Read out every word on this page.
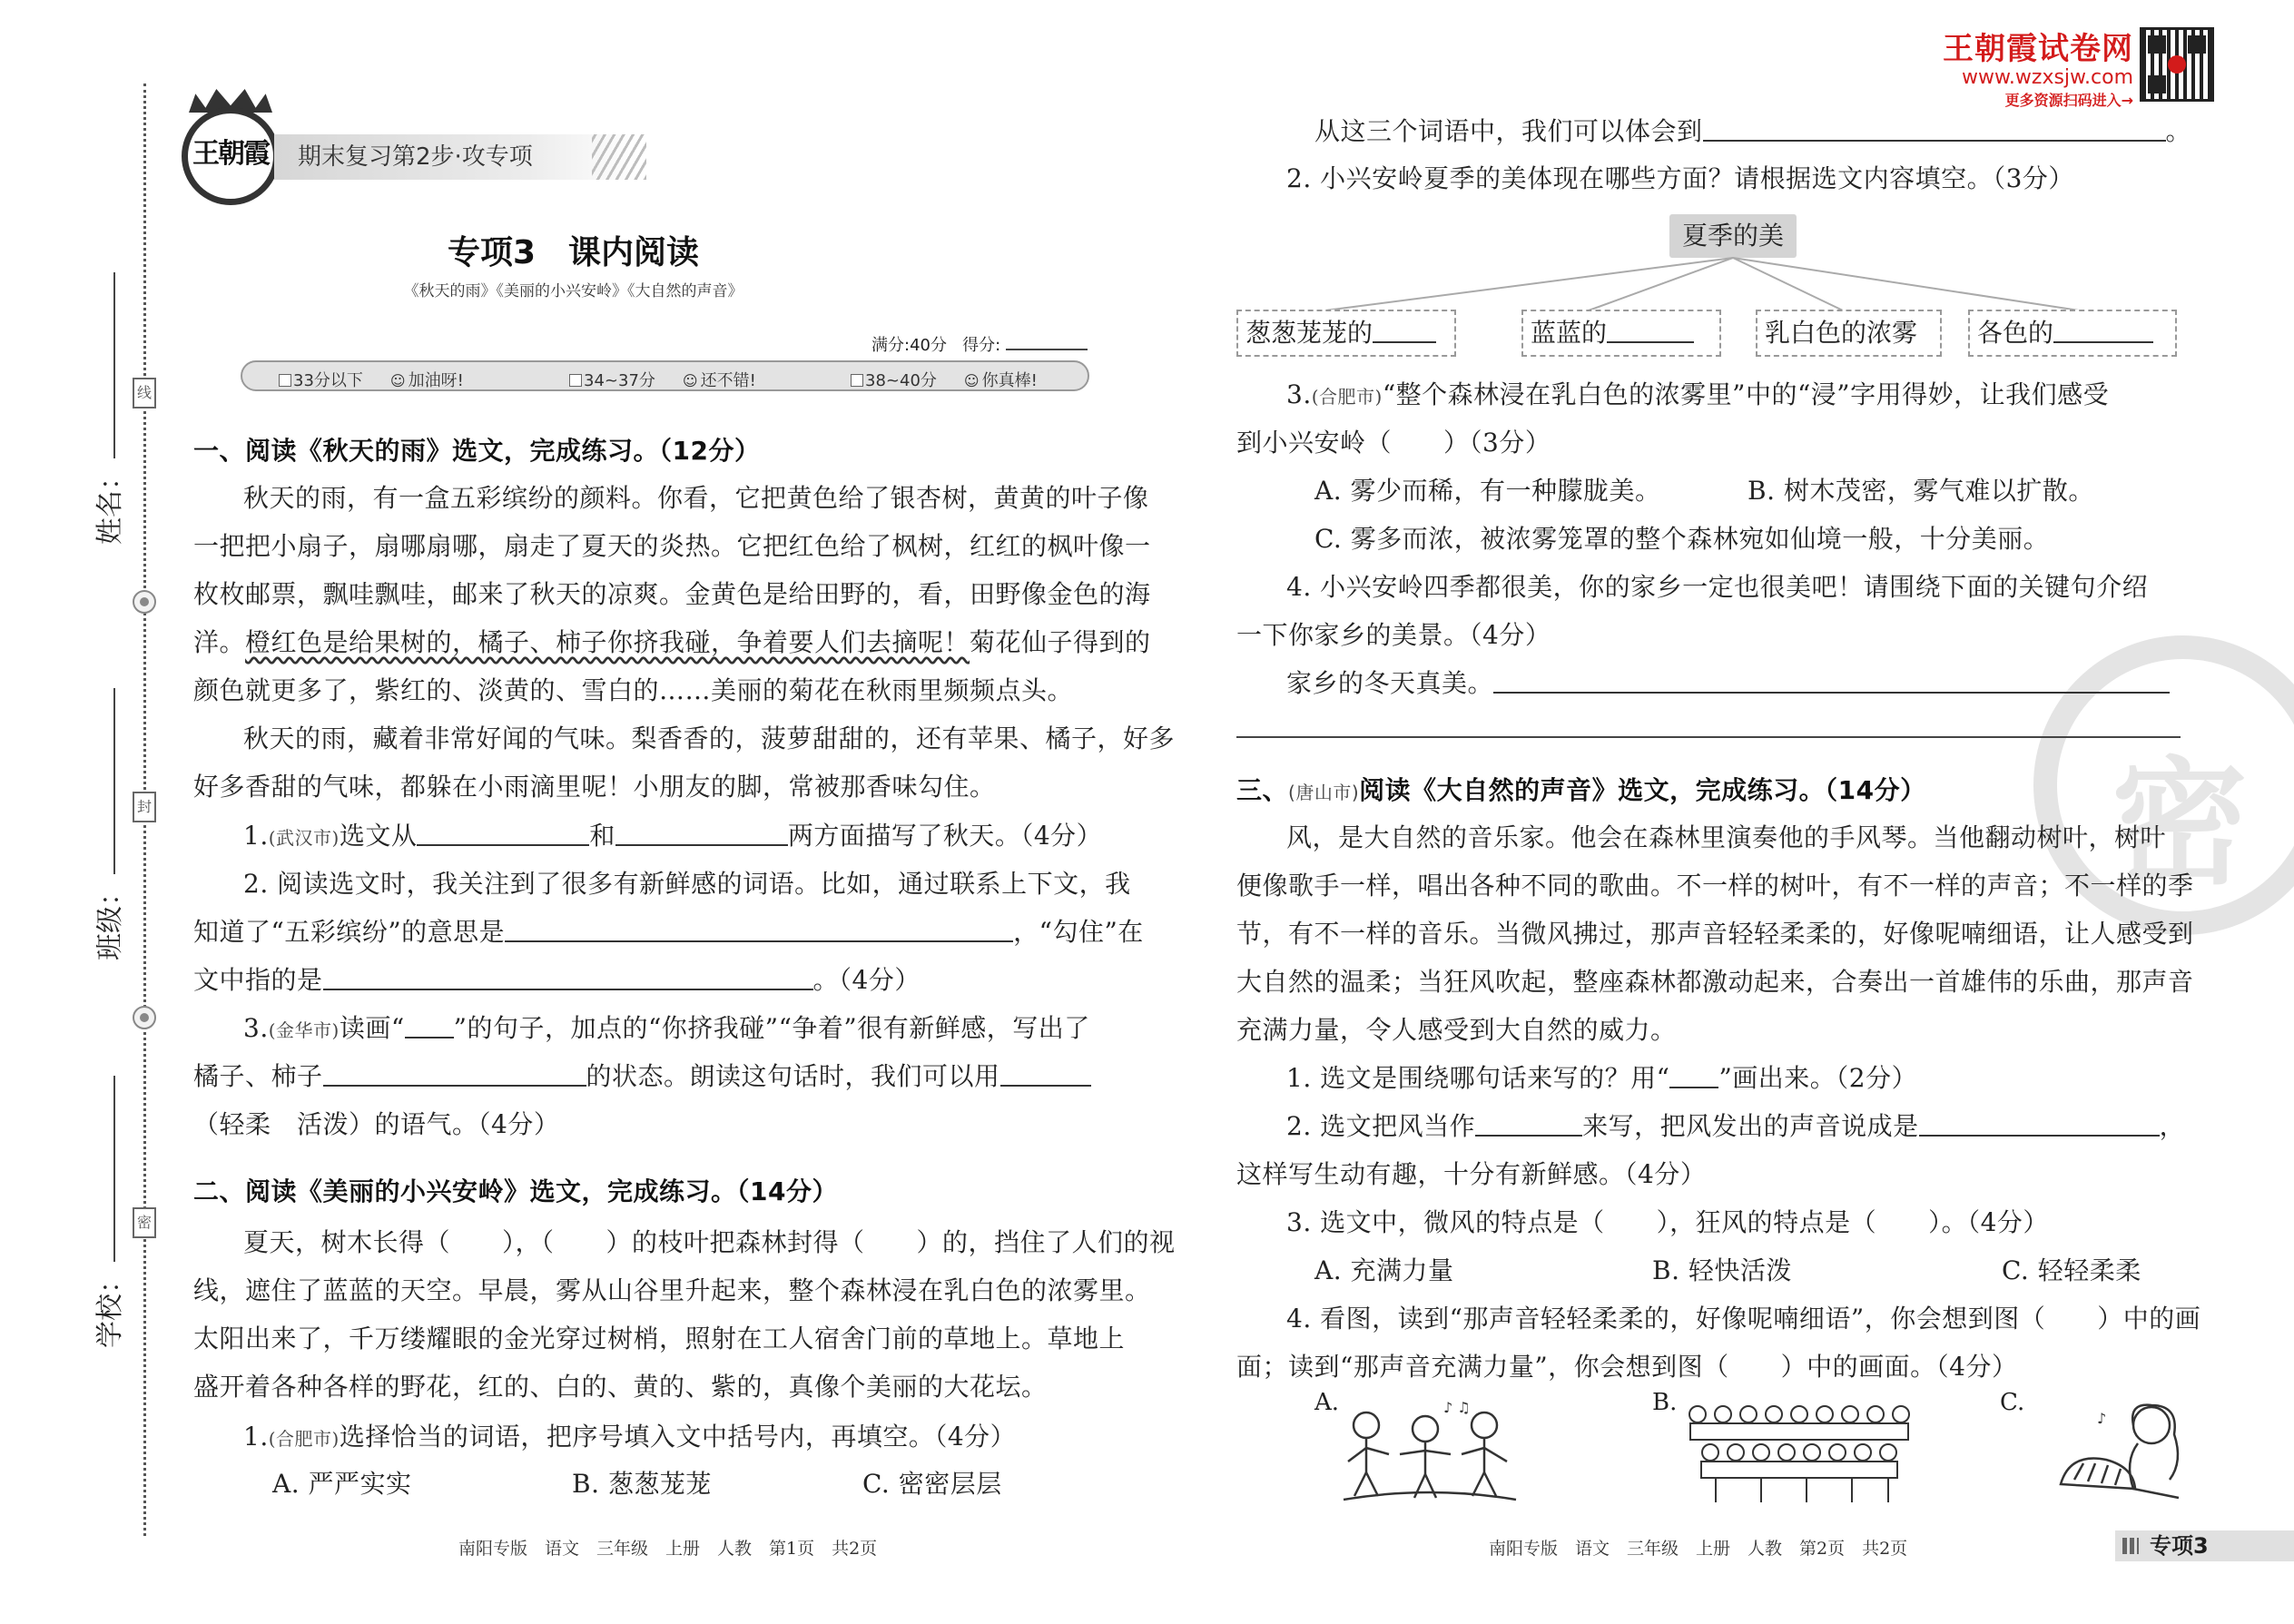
线
封
密
姓名：
班级：
学校：
王朝霞	期末复习第2步·攻专项
专项3　课内阅读
《秋天的雨》《美丽的小兴安岭》《大自然的声音》
满分:40分 得分:
33分以下 ☺ 加油呀!	34~37分 ☺ 还不错!	38~40分 ☺ 你真棒!
一、阅读《秋天的雨》选文，完成练习。（12分）
秋天的雨，有一盒五彩缤纷的颜料。你看，它把黄色给了银杏树，黄黄的叶子像
一把把小扇子，扇哪扇哪，扇走了夏天的炎热。它把红色给了枫树，红红的枫叶像一
枚枚邮票，飘哇飘哇，邮来了秋天的凉爽。金黄色是给田野的，看，田野像金色的海
洋。橙红色是给果树的，橘子、柿子你挤我碰，争着要人们去摘呢！菊花仙子得到的
颜色就更多了，紫红的、淡黄的、雪白的……美丽的菊花在秋雨里频频点头。
秋天的雨，藏着非常好闻的气味。梨香香的，菠萝甜甜的，还有苹果、橘子，好多
好多香甜的气味，都躲在小雨滴里呢！小朋友的脚，常被那香味勾住。
1.(武汉市)选文从	和	两方面描写了秋天。（4分）
2. 阅读选文时，我关注到了很多有新鲜感的词语。比如，通过联系上下文，我
知道了“五彩缤纷”的意思是	，“勾住”在
文中指的是	。（4分）
3.(金华市)读画“ ”的句子，加点的“你挤我碰”“争着”很有新鲜感，写出了
橘子、柿子	的状态。朗读这句话时，我们可以用
（轻柔　活泼）的语气。（4分）
二、阅读《美丽的小兴安岭》选文，完成练习。（14分）
夏天，树木长得（　　），（　　）的枝叶把森林封得（　　）的，挡住了人们的视
线，遮住了蓝蓝的天空。早晨，雾从山谷里升起来，整个森林浸在乳白色的浓雾里。
太阳出来了，千万缕耀眼的金光穿过树梢，照射在工人宿舍门前的草地上。草地上
盛开着各种各样的野花，红的、白的、黄的、紫的，真像个美丽的大花坛。
1.(合肥市)选择恰当的词语，把序号填入文中括号内，再填空。（4分）
A. 严严实实	B. 葱葱茏茏	C. 密密层层
南阳专版　语文　三年级　上册　人教　第1页　共2页
王朝霞试卷网
www.wzxsjw.com
更多资源扫码进入→
密
从这三个词语中，我们可以体会到	。
2. 小兴安岭夏季的美体现在哪些方面？请根据选文内容填空。（3分）
夏季的美
葱葱茏茏的	蓝蓝的	乳白色的浓雾	各色的
3.(合肥市)“整个森林浸在乳白色的浓雾里”中的“浸”字用得妙，让我们感受
到小兴安岭（　　）（3分）
A. 雾少而稀，有一种朦胧美。	B. 树木茂密，雾气难以扩散。
C. 雾多而浓，被浓雾笼罩的整个森林宛如仙境一般，十分美丽。
4. 小兴安岭四季都很美，你的家乡一定也很美吧！请围绕下面的关键句介绍
一下你家乡的美景。（4分）
家乡的冬天真美。
三、(唐山市)阅读《大自然的声音》选文，完成练习。（14分）
风，是大自然的音乐家。他会在森林里演奏他的手风琴。当他翻动树叶，树叶
便像歌手一样，唱出各种不同的歌曲。不一样的树叶，有不一样的声音；不一样的季
节，有不一样的音乐。当微风拂过，那声音轻轻柔柔的，好像呢喃细语，让人感受到
大自然的温柔；当狂风吹起，整座森林都激动起来，合奏出一首雄伟的乐曲，那声音
充满力量，令人感受到大自然的威力。
1. 选文是围绕哪句话来写的？用“ ”画出来。（2分）
2. 选文把风当作	来写，把风发出的声音说成是	，
这样写生动有趣，十分有新鲜感。（4分）
3. 选文中，微风的特点是（　　），狂风的特点是（　　）。（4分）
A. 充满力量	B. 轻快活泼	C. 轻轻柔柔
4. 看图，读到“那声音轻轻柔柔的，好像呢喃细语”，你会想到图（　　）中的画
面；读到“那声音充满力量”，你会想到图（　　）中的画面。（4分）
A.	♪ ♫	B.	C.
♪
南阳专版　语文　三年级　上册　人教　第2页　共2页	专项3
